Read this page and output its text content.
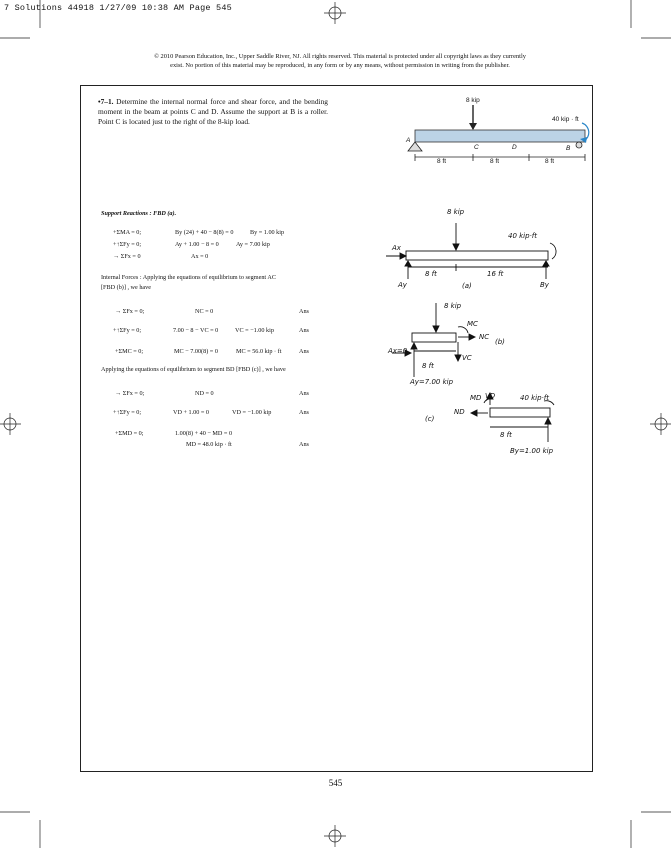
7 Solutions 44918 1/27/09 10:38 AM Page 545
© 2010 Pearson Education, Inc., Upper Saddle River, NJ. All rights reserved. This material is protected under all copyright laws as they currently
exist. No portion of this material may be reproduced, in any form or by any means, without permission in writing from the publisher.
•7–1. Determine the internal normal force and shear force, and the bending moment in the beam at points C and D. Assume the support at B is a roller. Point C is located just to the right of the 8-kip load.
8 kip
40 kip · ft
A
B
C	D
8 ft	8 ft	8 ft
Support Reactions : FBD (a).
+ΣMA = 0;	By (24) + 40 − 8(8) = 0	By = 1.00 kip
+↑ΣFy = 0;	Ay + 1.00 − 8 = 0	Ay = 7.00 kip
→ ΣFx = 0	Ax = 0
Internal Forces : Applying the equations of equilibrium to segment AC
[FBD (b)] , we have
→ ΣFx = 0;	NC = 0	Ans
+↑ΣFy = 0;	7.00 − 8 − VC = 0	VC = −1.00 kip	Ans
+ΣMC = 0;	MC − 7.00(8) = 0	MC = 56.0 kip · ft	Ans
Applying the equations of equilibrium to segment BD [FBD (c)] , we have
→ ΣFx = 0;	ND = 0	Ans
+↑ΣFy = 0;	VD + 1.00 = 0	VD = −1.00 kip	Ans
+ΣMD = 0;	1.00(8) + 40 − MD = 0
MD = 48.0 kip · ft	Ans
8 kip
40 kip·ft
Ax
Ay	By
8 ft	16 ft
(a)
8 kip
MC
NC
VC
Ax=0
8 ft
Ay=7.00 kip
(b)
MD VD
ND
40 kip·ft
8 ft
By=1.00 kip
(c)
545
